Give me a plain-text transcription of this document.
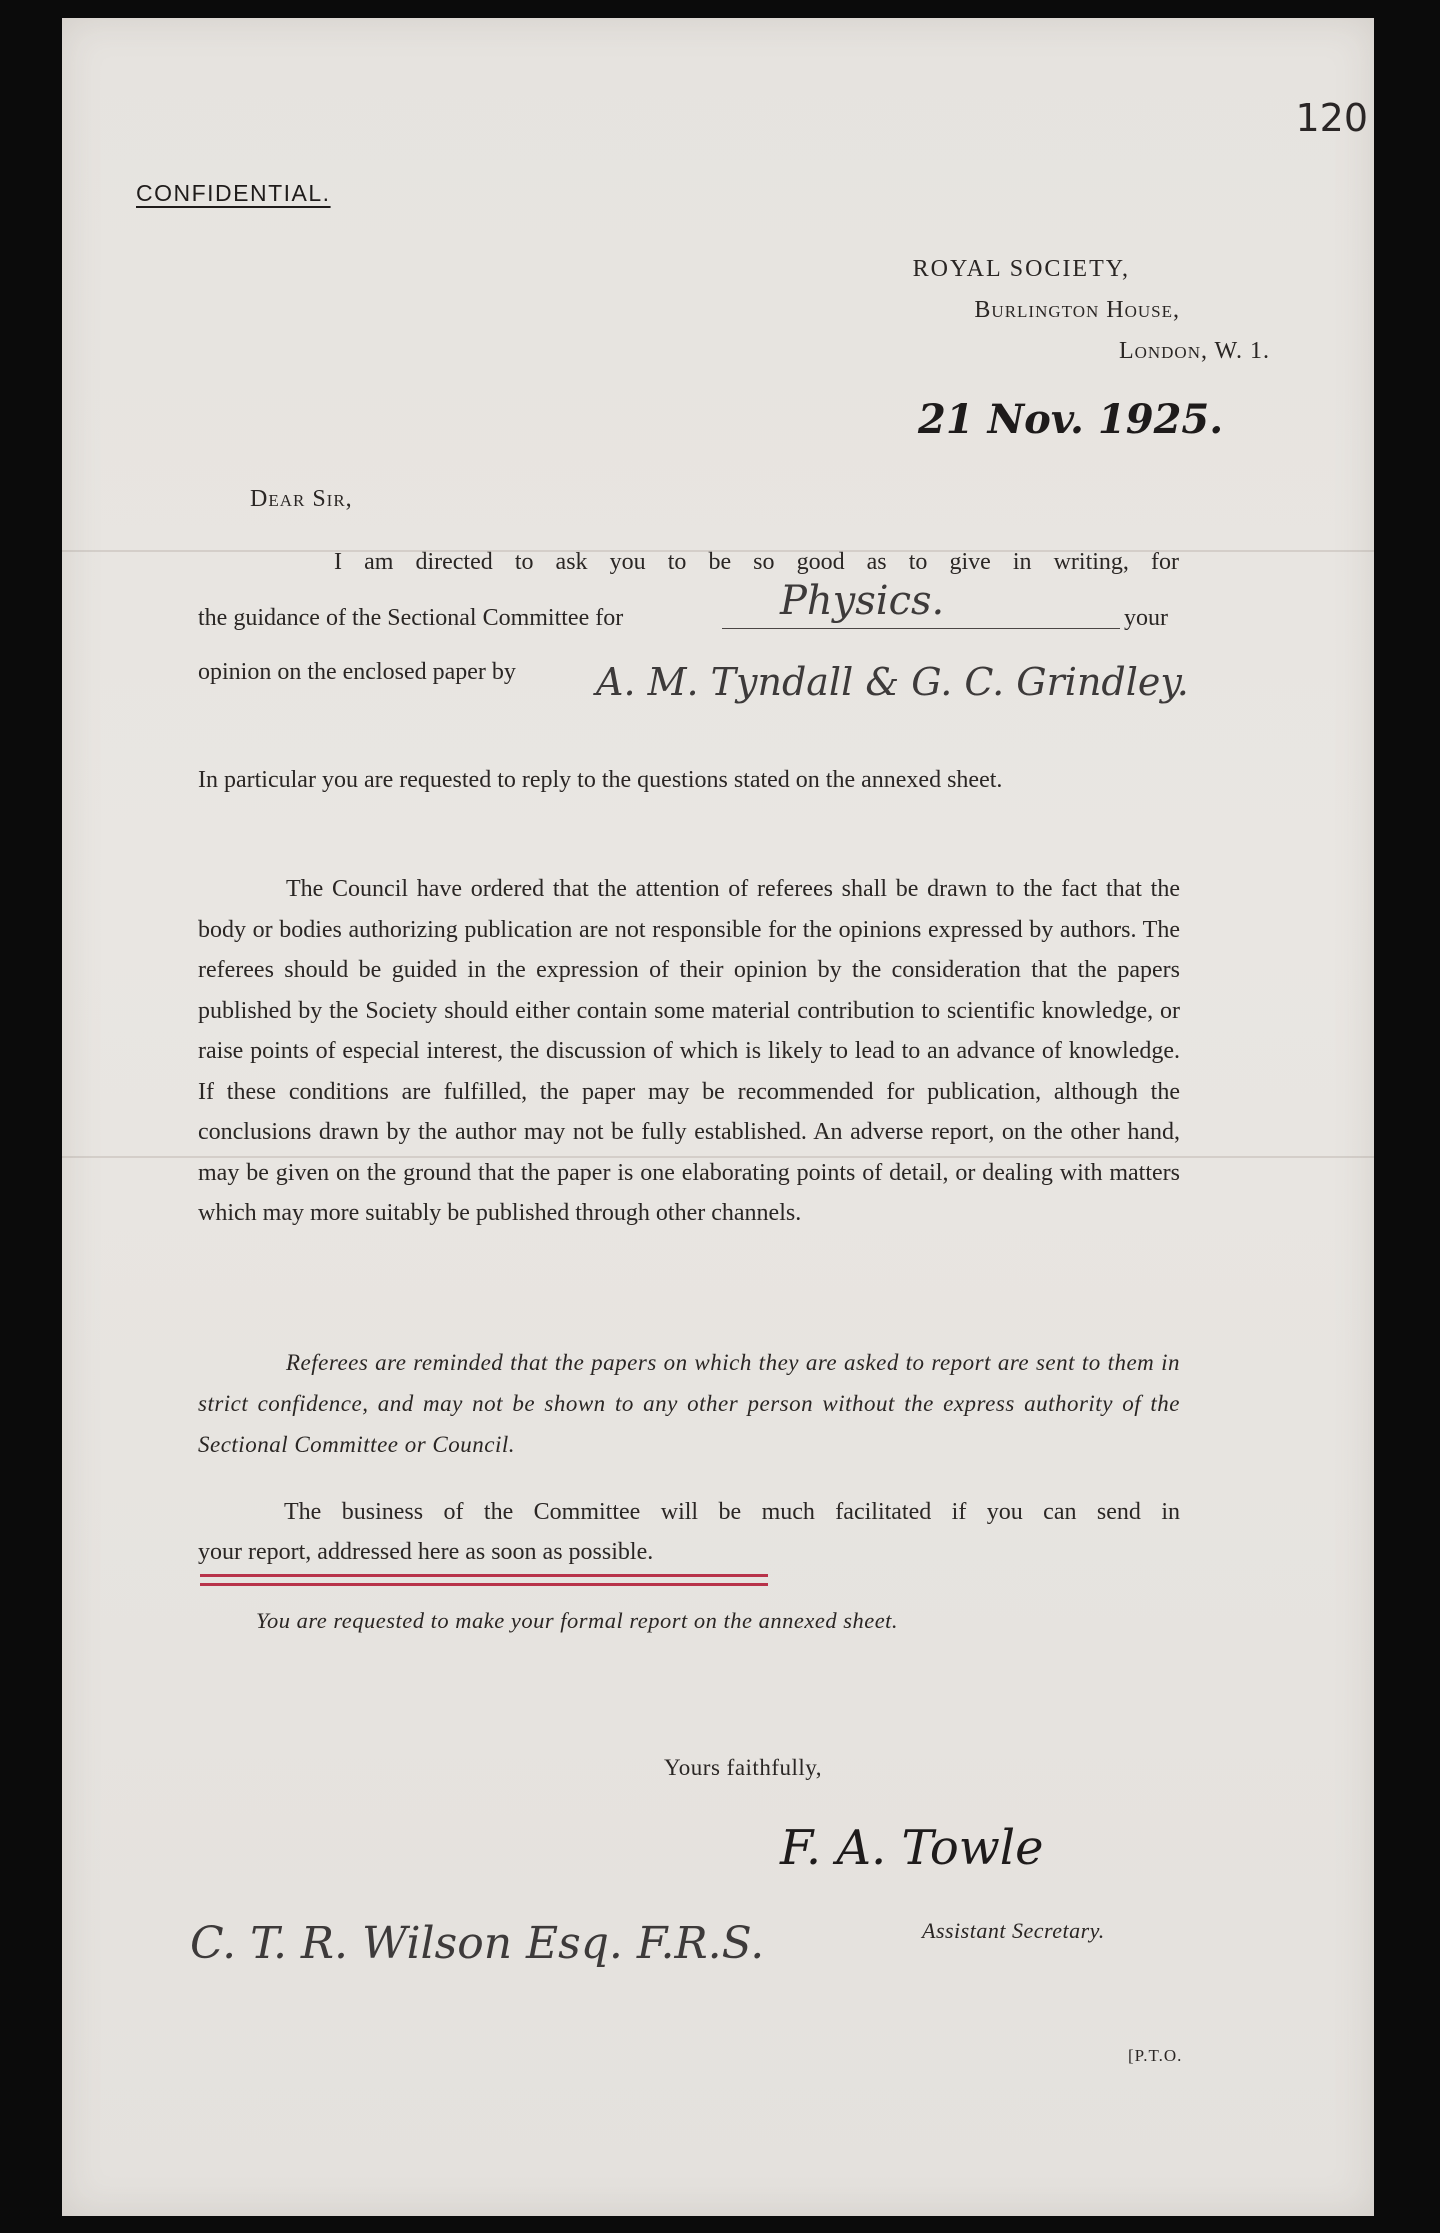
120
CONFIDENTIAL.
ROYAL SOCIETY,
Burlington House,
London, W. 1.
21 Nov. 1925.
Dear Sir,
I am directed to ask you to be so good as to give in writing, for
the guidance of the Sectional Committee for	Physics.	your
opinion on the enclosed paper by A. M. Tyndall & G. C. Grindley.
In particular you are requested to reply to the questions stated on the annexed sheet.
The Council have ordered that the attention of referees shall be drawn to the fact that the body or bodies authorizing publication are not responsible for the opinions expressed by authors. The referees should be guided in the expression of their opinion by the consideration that the papers published by the Society should either contain some material contribution to scientific knowledge, or raise points of especial interest, the discussion of which is likely to lead to an advance of knowledge. If these conditions are fulfilled, the paper may be recommended for publication, although the conclusions drawn by the author may not be fully established. An adverse report, on the other hand, may be given on the ground that the paper is one elaborating points of detail, or dealing with matters which may more suitably be published through other channels.
Referees are reminded that the papers on which they are asked to report are sent to them in strict confidence, and may not be shown to any other person without the express authority of the Sectional Committee or Council.
The business of the Committee will be much facilitated if you can send in
your report, addressed here as soon as possible.
You are requested to make your formal report on the annexed sheet.
Yours faithfully,
F. A. Towle
C. T. R. Wilson Esq. F.R.S.	Assistant Secretary.
[P.T.O.
